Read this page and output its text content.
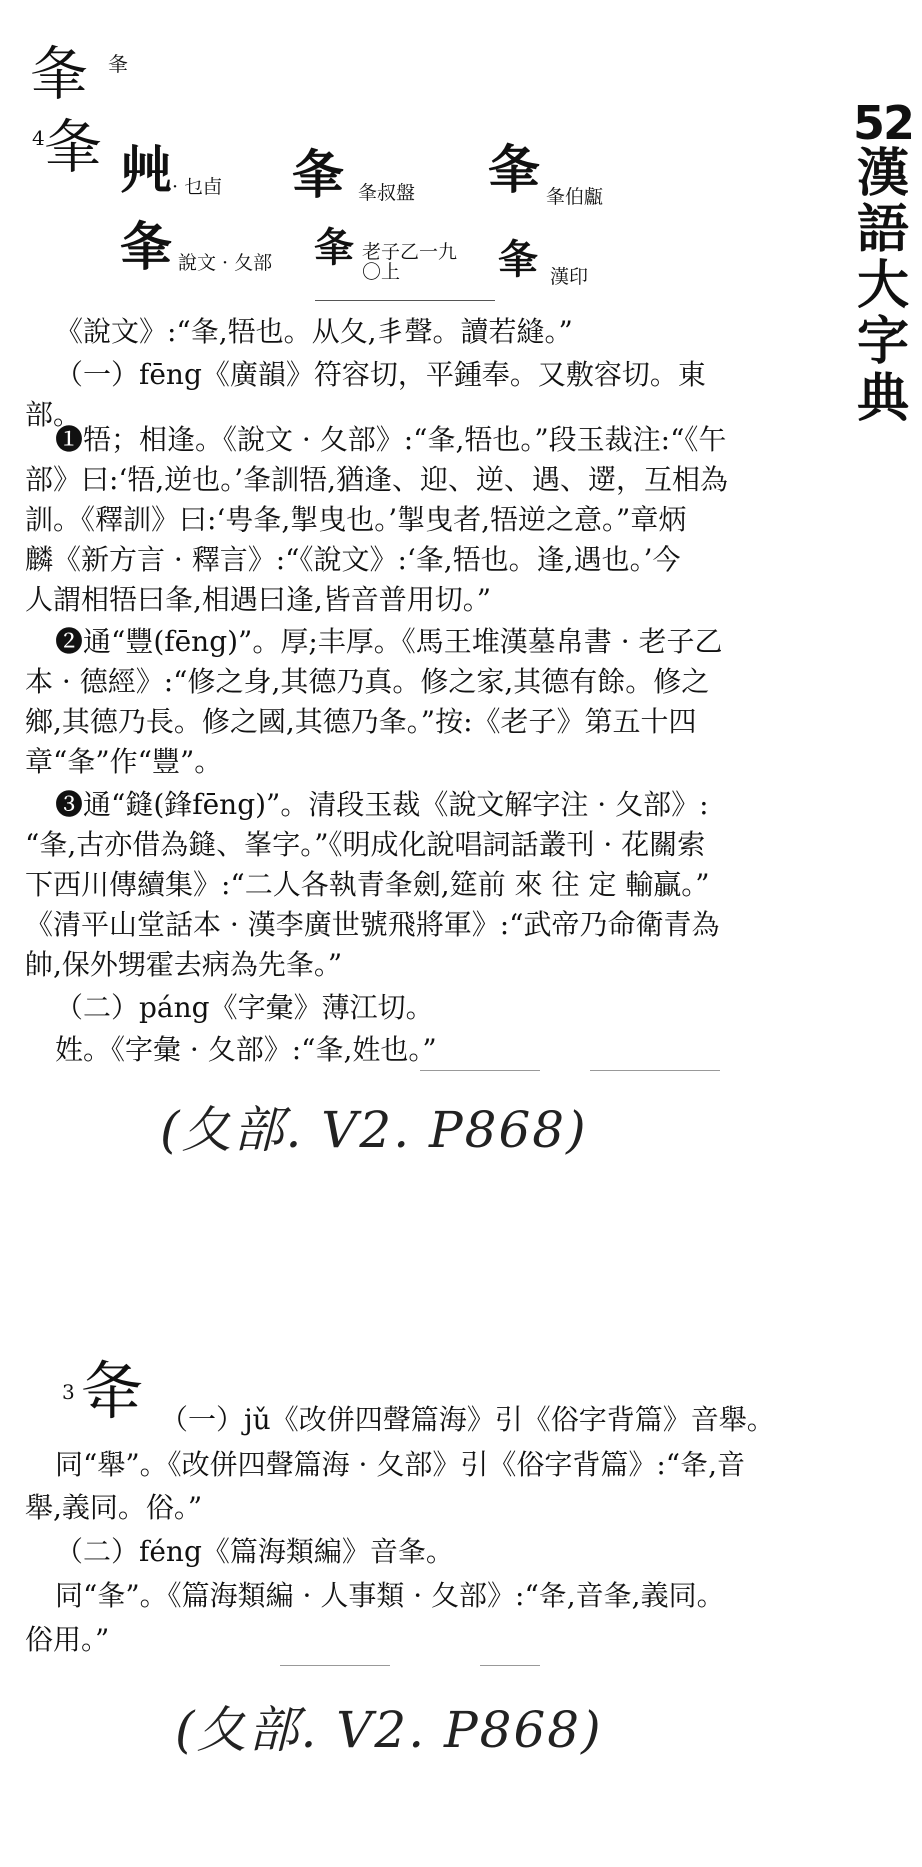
52
漢
語
大
字
典
夆 夆
4 夆 𡴂 · 乜卣 夆 夆叔盤 夆 夆伯甗
夆 說文 · 夂部 夆 老子乙一九〇上	夆 漢印
《說文》:“夆,牾也。从夂,丯聲。讀若縫。”
（一）fēng《廣韻》符容切，平鍾奉。又敷容切。東
部。
❶牾；相逢。《說文 · 夂部》:“夆,牾也。”段玉裁注:“《午
部》曰:‘牾,逆也。’夆訓牾,猶逢、迎、逆、遇、遻，互相為
訓。《釋訓》曰:‘甹夆,掣曳也。’掣曳者,牾逆之意。”章炳
麟《新方言 · 釋言》:“《說文》:‘夆,牾也。逢,遇也。’今
人謂相牾曰夆,相遇曰逢,皆音普用切。”
❷通“豐(fēng)”。厚;丰厚。《馬王堆漢墓帛書 · 老子乙
本 · 德經》:“修之身,其德乃真。修之家,其德有餘。修之
鄉,其德乃長。修之國,其德乃夆。”按:《老子》第五十四
章“夆”作“豐”。
❸通“鏠(鋒fēng)”。清段玉裁《說文解字注 · 夂部》:
“夆,古亦借為鏠、峯字。”《明成化說唱詞話叢刊 · 花關索
下西川傳續集》:“二人各執青夆劍,筵前 來 往 定 輸贏。”
《清平山堂話本 · 漢李廣世號飛將軍》:“武帝乃命衛青為
帥,保外甥霍去病為先夆。”
（二）páng《字彙》薄江切。
姓。《字彙 · 夂部》:“夆,姓也。”
(夂部. V2. P868)
3 夅 （一）jǔ《改併四聲篇海》引《俗字背篇》音舉。
同“舉”。《改併四聲篇海 · 夂部》引《俗字背篇》:“夅,音
舉,義同。俗。”
（二）féng《篇海類編》音夆。
同“夆”。《篇海類編 · 人事類 · 夂部》:“夅,音夆,義同。
俗用。”
(夂部. V2. P868)
